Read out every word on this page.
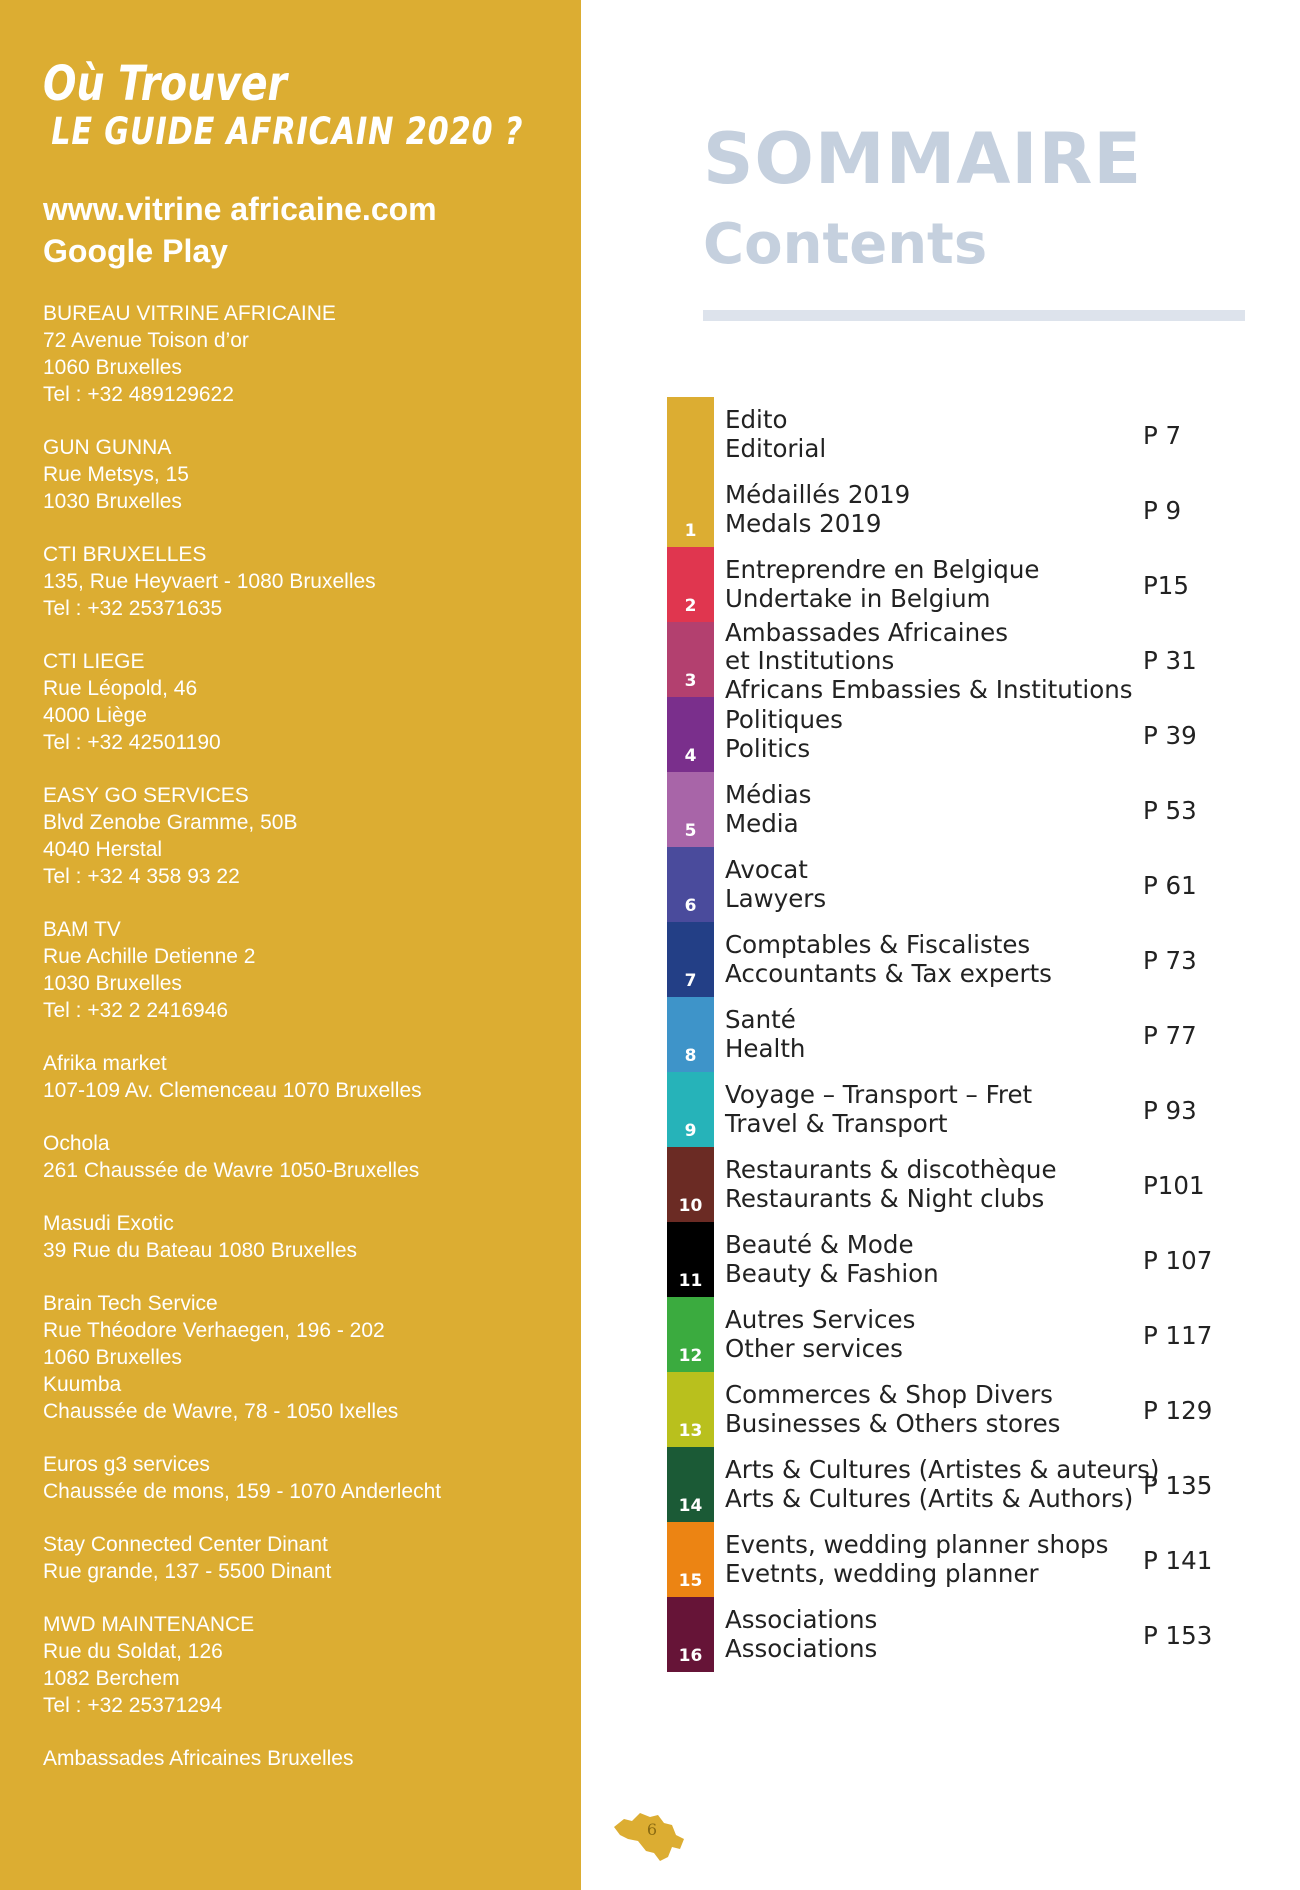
Où Trouver
LE GUIDE AFRICAIN 2020 ?
www.vitrine africaine.com
Google Play
BUREAU VITRINE AFRICAINE
72 Avenue Toison d’or
1060 Bruxelles
Tel : +32 489129622
GUN GUNNA
Rue Metsys, 15
1030 Bruxelles
CTI BRUXELLES
135, Rue Heyvaert - 1080 Bruxelles
Tel : +32 25371635
CTI LIEGE
Rue Léopold, 46
4000 Liège
Tel : +32 42501190
EASY GO SERVICES
Blvd Zenobe Gramme, 50B
4040 Herstal
Tel : +32 4 358 93 22
BAM TV
Rue Achille Detienne 2
1030 Bruxelles
Tel : +32 2 2416946
Afrika market
107-109 Av. Clemenceau 1070 Bruxelles
Ochola
261 Chaussée de Wavre 1050-Bruxelles
Masudi Exotic
39 Rue du Bateau 1080 Bruxelles
Brain Tech Service
Rue Théodore Verhaegen, 196 - 202
1060 Bruxelles
Kuumba
Chaussée de Wavre, 78 - 1050 Ixelles
Euros g3 services
Chaussée de mons, 159 - 1070 Anderlecht
Stay Connected Center Dinant
Rue grande, 137 - 5500 Dinant
MWD MAINTENANCE
Rue du Soldat, 126
1082 Berchem
Tel : +32 25371294
Ambassades Africaines Bruxelles
SOMMAIRE
Contents
1
Edito
Editorial	P 7
Médaillés 2019
Medals 2019	P 9
2
Entreprendre en Belgique
Undertake in Belgium	P15
3
Ambassades Africaines
et Institutions
Africans Embassies & Institutions
P 31
4
Politiques
Politics	P 39
5
Médias
Media	P 53
6
Avocat
Lawyers	P 61
7
Comptables & Fiscalistes
Accountants & Tax experts	P 73
8
Santé
Health	P 77
9
Voyage – Transport – Fret
Travel & Transport	P 93
10
Restaurants & discothèque
Restaurants & Night clubs	P101
11
Beauté & Mode
Beauty & Fashion	P 107
12
Autres Services
Other services	P 117
13
Commerces & Shop Divers
Businesses & Others stores	P 129
14
Arts & Cultures (Artistes & auteurs)
Arts & Cultures (Artits & Authors) P 135
15
Events, wedding planner shops
Evetnts, wedding planner	P 141
16
Associations
Associations	P 153
6
